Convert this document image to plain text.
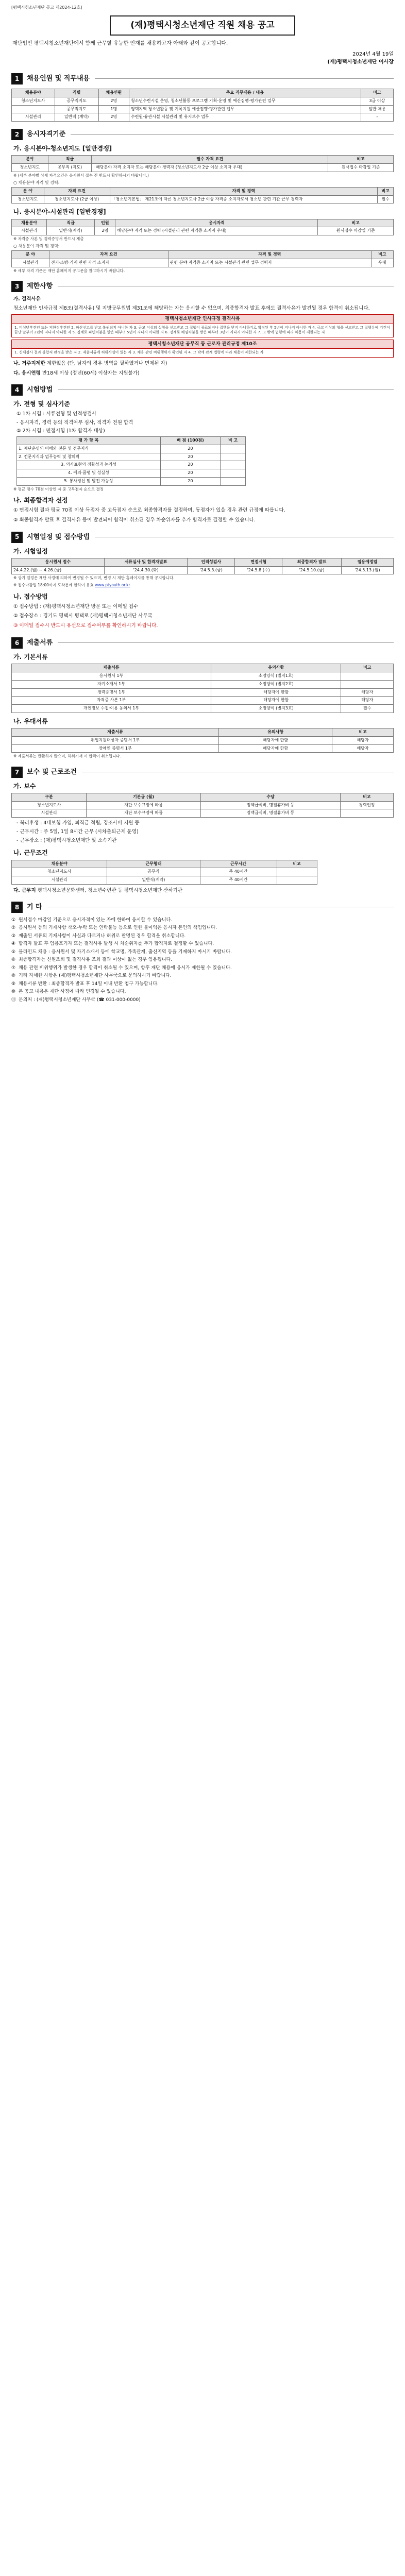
[평택시청소년재단 공고 제2024-12호]
(재)평택시청소년재단 직원 채용 공고
재단법인 평택시청소년재단에서 함께 근무할 유능한 인재를 채용하고자 아래와 같이 공고합니다.
2024년 4월 19일
(재)평택시청소년재단 이사장
1	채용인원 및 직무내용
채용분야	직렬	채용인원	주요 직무내용 / 내용	비고
청소년지도사	공무직지도	2명	청소년수련시설 운영, 청소년활동 프로그램 기획·운영 및 예산집행·평가관련 업무	3급 이상
	공무직지도	1명	평택지역 청소년활동 및 기록지원 예산집행·평가관련 업무	일반 채용
시설관리	일반직 (계약)	2명	수련원·유관시설 시설관리 및 유지보수 업무	-
2	응시자격기준
가. 응시분야-청소년지도 [일반경쟁]
분야	직급	필수 자격 요건	비고
청소년지도	공무직 (지도)	· 해당분야 자격 소지자 또는 해당분야 경력자 (청소년지도사 2급 이상 소지자 우대)	원서접수 마감일 기준
※ (세부 분야별 상세 자격요건은 응시원서 접수 전 반드시 확인하시기 바랍니다.)
○ 채용분야 자격 및 경력:
분 야	자격 요건	자격 및 경력	비고
청소년지도	청소년지도사 (2급 이상)	「청소년기본법」 제21조에 따른 청소년지도사 2급 이상 자격증 소지자로서 청소년 관련 기관 근무 경력자	필수
나. 응시분야-시설관리 [일반경쟁]
채용분야	직급	인원	응시자격	비고
시설관리	일반직(계약)	2명	해당분야 자격 또는 경력 (시설관리 관련 자격증 소지자 우대)	원서접수 마감일 기준
※ 자격증 사본 및 경력증명서 반드시 제출
○ 채용분야 자격 및 경력:
분 야	자격 요건	자격 및 경력	비고
시설관리	전기·소방·기계 관련 자격 소지자	관련 분야 자격증 소지자 또는 시설관리 관련 업무 경력자	우대
※ 세부 자격 기준은 재단 홈페이지 공고문을 참고하시기 바랍니다.
3	제한사항
가. 결격사유
청소년재단 인사규정 제8조(결격사유) 및 지방공무원법 제31조에 해당하는 자는 응시할 수 없으며, 최종합격자 발표 후에도 결격사유가 발견될 경우 합격이 취소됩니다.
평택시청소년재단 인사규정 결격사유
1. 피성년후견인 또는 피한정후견인 2. 파산선고를 받고 복권되지 아니한 자 3. 금고 이상의 실형을 선고받고 그 집행이 종료되거나 집행을 받지 아니하기로 확정된 후 5년이 지나지 아니한 자 4. 금고 이상의 형을 선고받고 그 집행유예 기간이 끝난 날부터 2년이 지나지 아니한 자 5. 징계로 파면처분을 받은 때부터 5년이 지나지 아니한 자 6. 징계로 해임처분을 받은 때부터 3년이 지나지 아니한 자 7. 그 밖에 법령에 따라 채용이 제한되는 자
평택시청소년재단 공무직 등 근로자 관리규정 제10조
1. 신체검사 결과 불합격 판정을 받은 자 2. 제출서류에 허위사실이 있는 자 3. 채용 관련 비위행위가 확인된 자 4. 그 밖에 관계 법령에 따라 채용이 제한되는 자
나. 거주지제한 제한없음 (단, 남자의 경우 병역을 필하였거나 면제된 자)
다. 응시연령 만18세 이상 (정년(60세) 이상자는 지원불가)
4	시험방법
가. 전형 및 심사기준
① 1차 시험 : 서류전형 및 인적성검사
- 응시자격, 경력 등의 적격여부 심사, 적격자 전원 합격
② 2차 시험 : 면접시험 (1차 합격자 대상)
평 가 항 목	배 점 (100점)	비 고
1. 재단운영의 이해와 전문 및 전문지식	20	
2. 전문지식과 업무능력 및 창의력	20	
3. 의사표현의 정확성과 논리성	20	
4. 예의·품행 및 성실성	20	
5. 봉사정신 및 발전 가능성	20	
※ 평균 점수 70점 이상인 자 중 고득점자 순으로 결정
나. 최종합격자 선정
① 면접시험 결과 평균 70점 이상 득점자 중 고득점자 순으로 최종합격자를 결정하며, 동점자가 있을 경우 관련 규정에 따릅니다.
② 최종합격자 발표 후 결격사유 등이 발견되어 합격이 취소된 경우 차순위자를 추가 합격자로 결정할 수 있습니다.
5	시험일정 및 접수방법
가. 시험일정
응시원서 접수	서류심사 및 합격자발표	인적성검사	면접시험	최종합격자 발표	임용예정일
24.4.22.(월) ~ 4.26.(금)	'24.4.30.(화)	'24.5.3.(금)	'24.5.8.(수)	'24.5.10.(금)	'24.5.13.(월)
※ 상기 일정은 재단 사정에 의하여 변경될 수 있으며, 변경 시 재단 홈페이지를 통해 공지합니다.
※ 접수마감일 18:00까지 도착분에 한하여 유효 www.ptyouth.or.kr
나. 접수방법
① 접수방법 : (재)평택시청소년재단 방문 또는 이메일 접수
② 접수장소 : 경기도 평택시 평택로 (재)평택시청소년재단 사무국
③ 이메일 접수시 반드시 유선으로 접수여부를 확인하시기 바랍니다.
6	제출서류
가. 기본서류
제출서류	유의사항	비고
응시원서 1부	소정양식 (별지1호)	
자기소개서 1부	소정양식 (별지2호)	
경력증명서 1부	해당자에 한함	해당자
자격증 사본 1부	해당자에 한함	해당자
개인정보 수집·이용 동의서 1부	소정양식 (별지3호)	필수
나. 우대서류
제출서류	유의사항	비고
취업지원대상자 증명서 1부	해당자에 한함	해당자
장애인 증명서 1부	해당자에 한함	해당자
※ 제출서류는 반환하지 않으며, 허위기재 시 합격이 취소됩니다.
7	보수 및 근로조건
가. 보수
구분	기본급 (월)	수당	비고
청소년지도사	재단 보수규정에 따름	정액급식비, 명절휴가비 등	경력인정
시설관리	재단 보수규정에 따름	정액급식비, 명절휴가비 등	
- 복리후생 : 4대보험 가입, 퇴직금 적립, 경조사비 지원 등
- 근무시간 : 주 5일, 1일 8시간 근무 (시차출퇴근제 운영)
- 근무장소 : (재)평택시청소년재단 및 소속기관
나. 근무조건
채용분야	근무형태	근무시간	비고
청소년지도사	공무직	주 40시간	
시설관리	일반직(계약)	주 40시간	
다. 근무지 평택시청소년문화센터, 청소년수련관 등 평택시청소년재단 산하기관
8	기 타
① 원서접수 마감일 기준으로 응시자격이 있는 자에 한하여 응시할 수 있습니다.
② 응시원서 등의 기재사항 착오·누락 또는 연락불능 등으로 인한 불이익은 응시자 본인의 책임입니다.
③ 제출된 서류의 기재사항이 사실과 다르거나 허위로 판명된 경우 합격을 취소합니다.
④ 합격자 발표 후 임용포기자 또는 결격사유 발생 시 차순위자를 추가 합격자로 결정할 수 있습니다.
⑤ 블라인드 채용 : 응시원서 및 자기소개서 등에 학교명, 가족관계, 출신지역 등을 기재하지 마시기 바랍니다.
⑥ 최종합격자는 신원조회 및 결격사유 조회 결과 이상이 없는 경우 임용됩니다.
⑦ 채용 관련 비위행위가 발생한 경우 합격이 취소될 수 있으며, 향후 재단 채용에 응시가 제한될 수 있습니다.
⑧ 기타 자세한 사항은 (재)평택시청소년재단 사무국으로 문의하시기 바랍니다.
⑨ 채용서류 반환 : 최종합격자 발표 후 14일 이내 반환 청구 가능합니다.
⑩ 본 공고 내용은 재단 사정에 따라 변경될 수 있습니다.
⑪ 문의처 : (재)평택시청소년재단 사무국 (☎ 031-000-0000)
